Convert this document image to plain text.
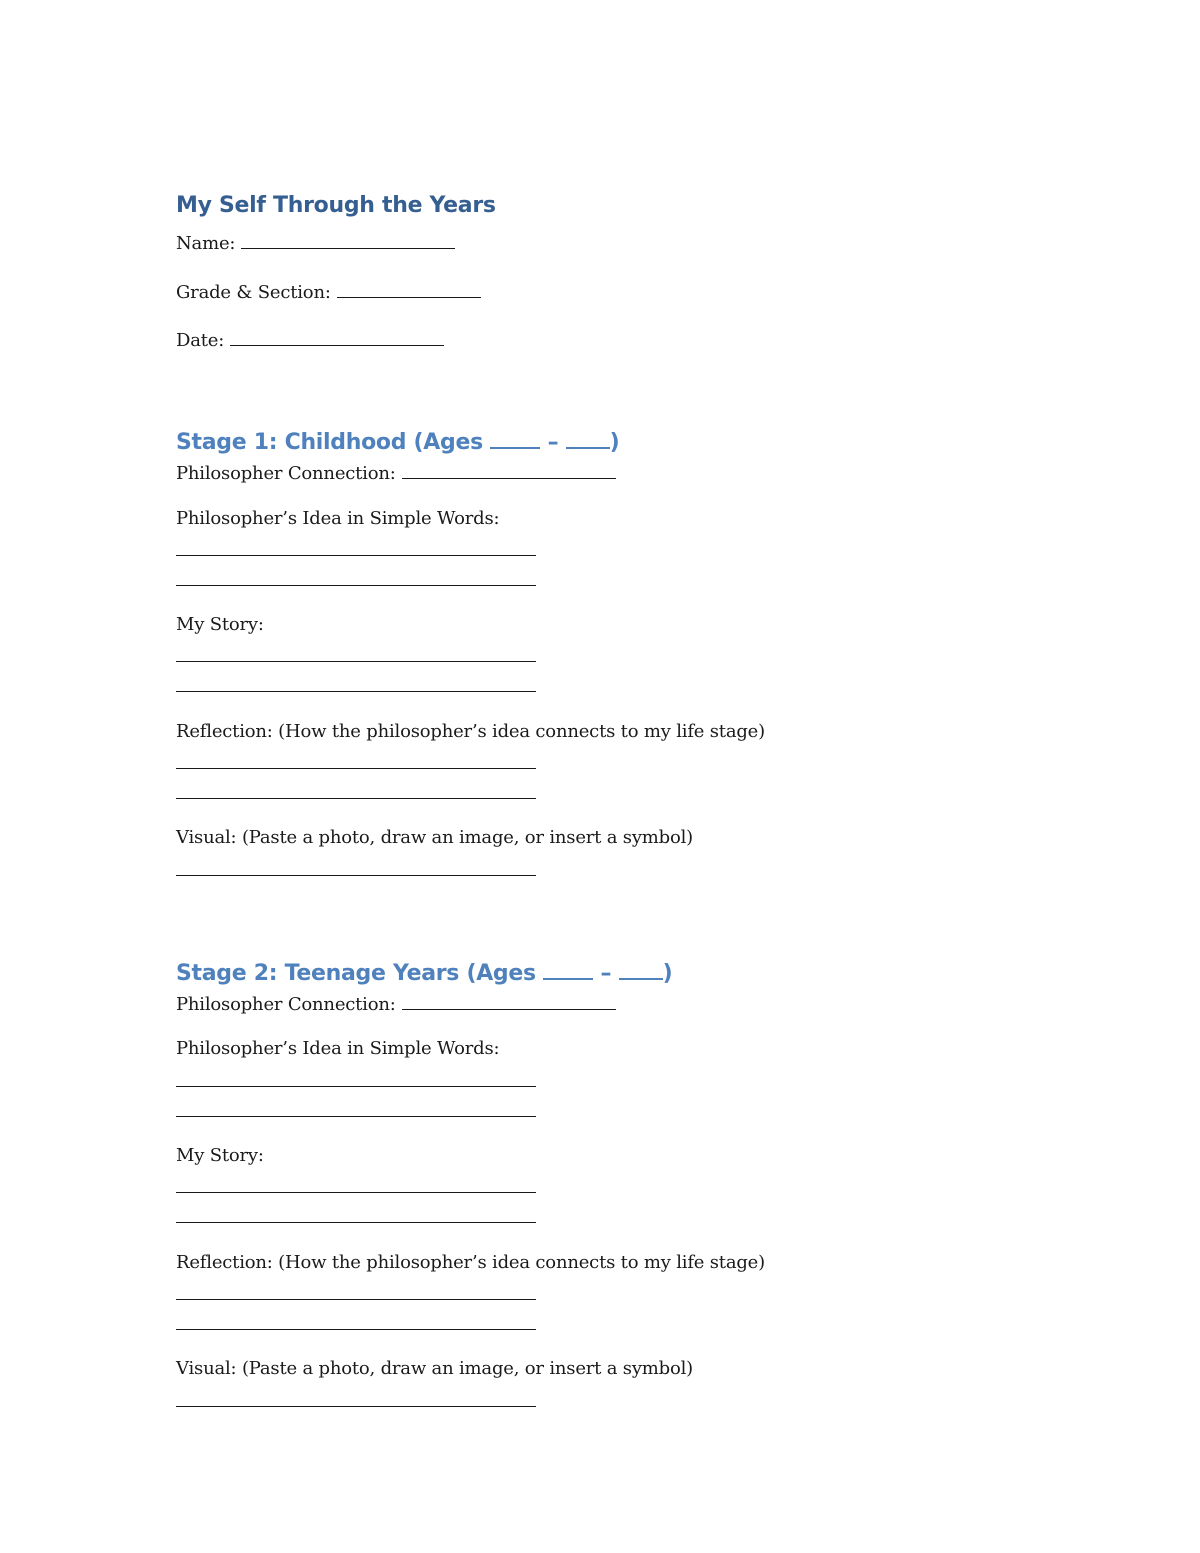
My Self Through the Years
Name:
Grade & Section:
Date:
Stage 1: Childhood (Ages  – )
Philosopher Connection:
Philosopher’s Idea in Simple Words:
My Story:
Reflection: (How the philosopher’s idea connects to my life stage)
Visual: (Paste a photo, draw an image, or insert a symbol)
Stage 2: Teenage Years (Ages  – )
Philosopher Connection:
Philosopher’s Idea in Simple Words:
My Story:
Reflection: (How the philosopher’s idea connects to my life stage)
Visual: (Paste a photo, draw an image, or insert a symbol)
